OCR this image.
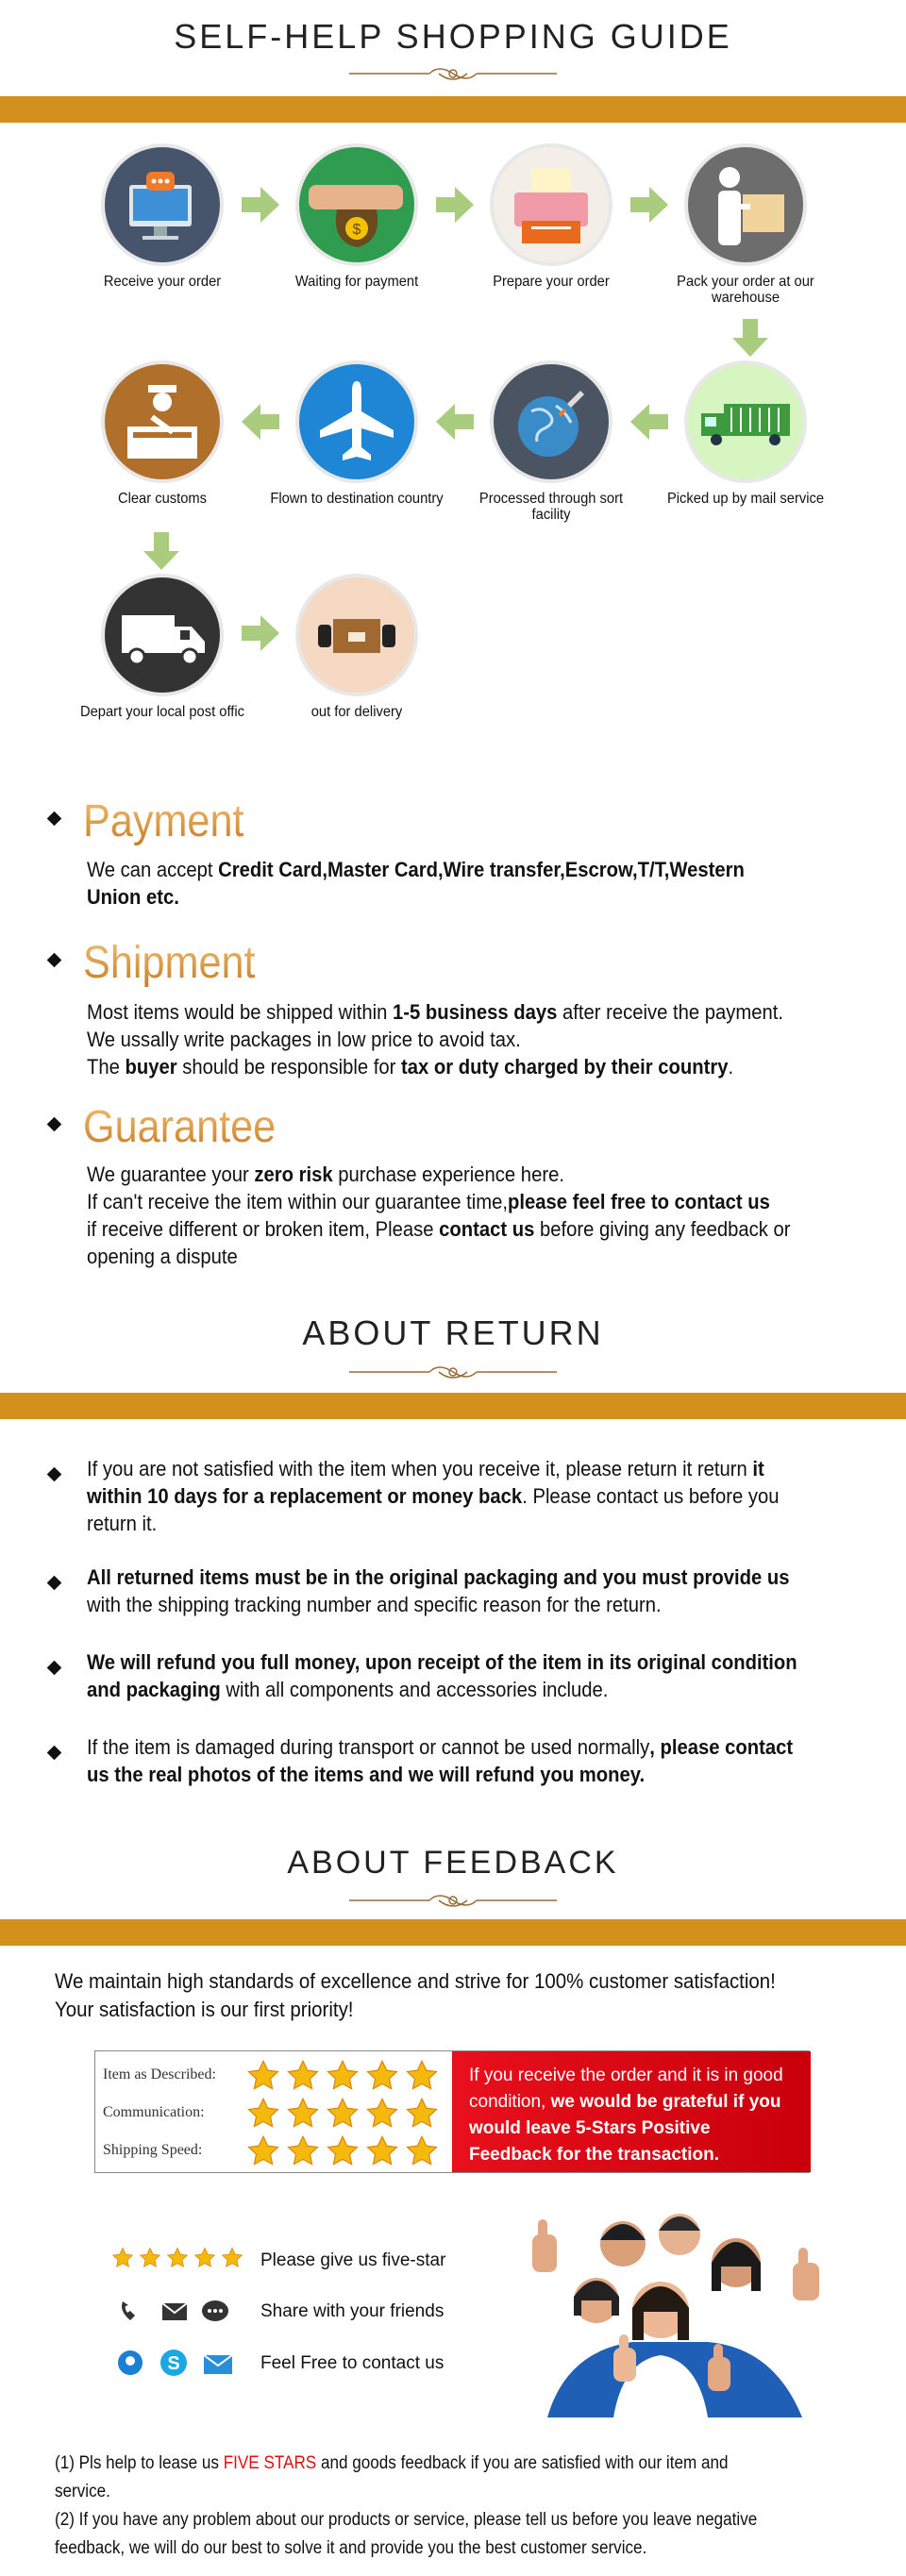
SELF-HELP SHOPPING GUIDE
Receive your order
$
Waiting for payment	Prepare your order	Pack your order at our warehouse
Picked up by mail service
Processed through sort facility
Flown to destination country
Clear customs
Depart your local post offic	out for delivery
Payment
We can accept Credit Card,Master Card,Wire transfer,Escrow,T/T,Western
Union etc.
Shipment
Most items would be shipped within 1-5 business days after receive the payment.
We ussally write packages in low price to avoid tax.
The buyer should be responsible for tax or duty charged by their country.
Guarantee
We guarantee your zero risk purchase experience here.
If can't receive the item within our guarantee time,please feel free to contact us
if receive different or broken item, Please contact us before giving any feedback or
opening a dispute
ABOUT RETURN
If you are not satisfied with the item when you receive it, please return it return it within 10 days for a replacement or money back. Please contact us before you return it.
All returned items must be in the original packaging and you must provide us with the shipping tracking number and specific reason for the return.
We will refund you full money, upon receipt of the item in its original condition and packaging with all components and accessories include.
If the item is damaged during transport or cannot be used normally, please contact us the real photos of the items and we will refund you money.
ABOUT FEEDBACK
We maintain high standards of excellence and strive for 100% customer satisfaction!
Your satisfaction is our first priority!
Item as Described:
Communication:
Shipping Speed:
If you receive the order and it is in good condition, we would be grateful if you would leave 5-Stars Positive Feedback for the transaction.
Please give us five-star
Share with your friends
S	Feel Free to contact us
(1) Pls help to lease us FIVE STARS and goods feedback if you are satisfied with our item and service.
(2) If you have any problem about our products or service, please tell us before you leave negative
feedback, we will do our best to solve it and provide you the best customer service.
